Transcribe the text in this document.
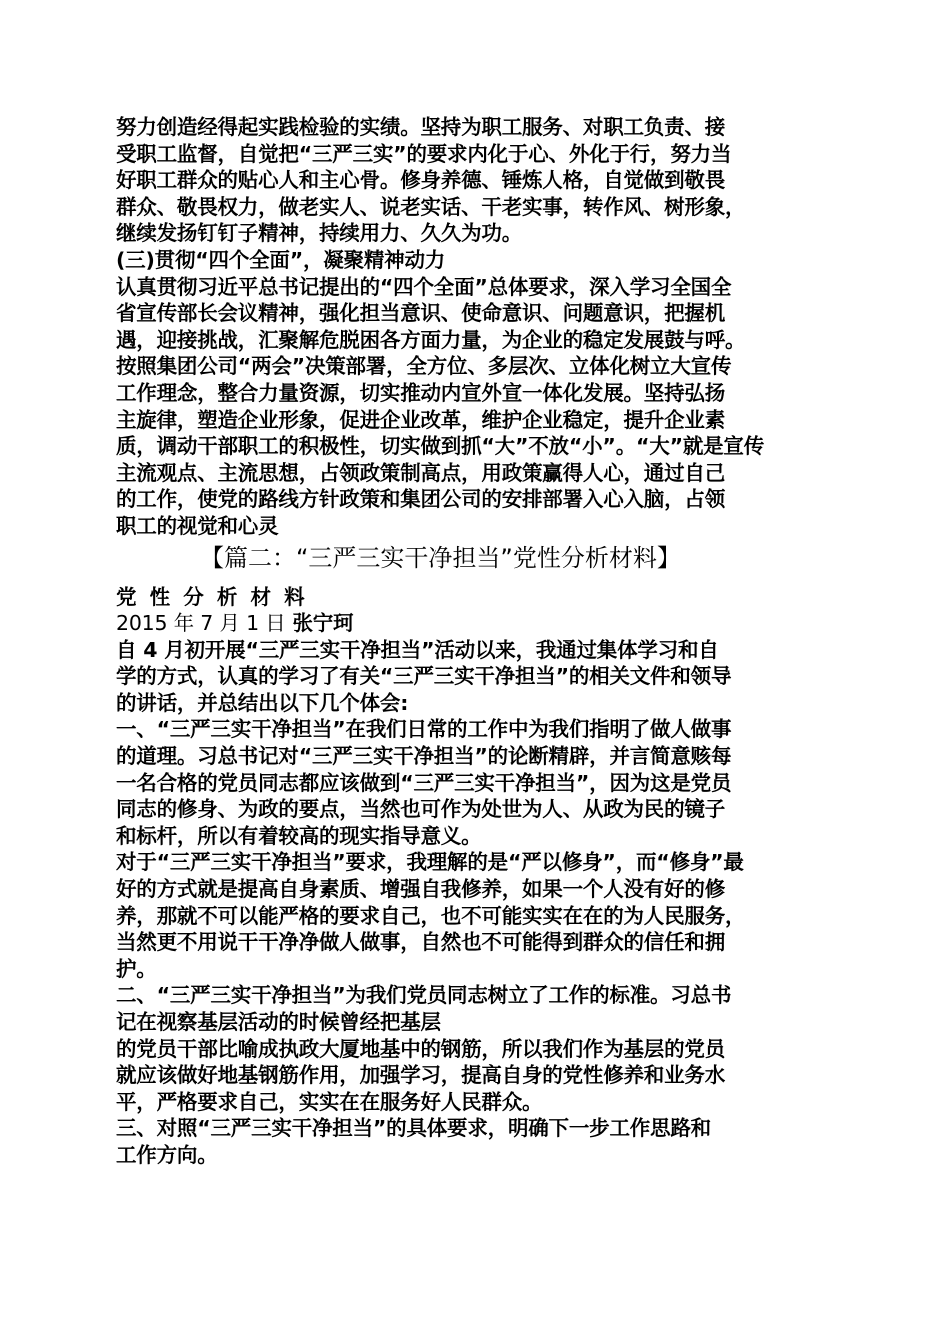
努力创造经得起实践检验的实绩。坚持为职工服务、对职工负责、接
受职工监督，自觉把“三严三实”的要求内化于心、外化于行，努力当
好职工群众的贴心人和主心骨。修身养德、锤炼人格，自觉做到敬畏
群众、敬畏权力，做老实人、说老实话、干老实事，转作风、树形象，
继续发扬钉钉子精神，持续用力、久久为功。
(三)贯彻“四个全面”，凝聚精神动力
认真贯彻习近平总书记提出的“四个全面”总体要求，深入学习全国全
省宣传部长会议精神，强化担当意识、使命意识、问题意识，把握机
遇，迎接挑战，汇聚解危脱困各方面力量，为企业的稳定发展鼓与呼。
按照集团公司“两会”决策部署，全方位、多层次、立体化树立大宣传
工作理念，整合力量资源，切实推动内宣外宣一体化发展。坚持弘扬
主旋律，塑造企业形象，促进企业改革，维护企业稳定，提升企业素
质，调动干部职工的积极性，切实做到抓“大”不放“小”。“大”就是宣传
主流观点、主流思想，占领政策制高点，用政策赢得人心，通过自己
的工作，使党的路线方针政策和集团公司的安排部署入心入脑，占领
职工的视觉和心灵
【篇二：“三严三实干净担当”党性分析材料】
党 性 分 析 材 料
2015 年 7 月 1 日 张宁珂
自 4 月初开展“三严三实干净担当”活动以来，我通过集体学习和自
学的方式，认真的学习了有关“三严三实干净担当”的相关文件和领导
的讲话，并总结出以下几个体会:
一、“三严三实干净担当”在我们日常的工作中为我们指明了做人做事
的道理。习总书记对“三严三实干净担当”的论断精辟，并言简意赅每
一名合格的党员同志都应该做到“三严三实干净担当”，因为这是党员
同志的修身、为政的要点，当然也可作为处世为人、从政为民的镜子
和标杆，所以有着较高的现实指导意义。
对于“三严三实干净担当”要求，我理解的是“严以修身”，而“修身”最
好的方式就是提高自身素质、增强自我修养，如果一个人没有好的修
养，那就不可以能严格的要求自己，也不可能实实在在的为人民服务，
当然更不用说干干净净做人做事，自然也不可能得到群众的信任和拥
护。
二、“三严三实干净担当”为我们党员同志树立了工作的标准。习总书
记在视察基层活动的时候曾经把基层
的党员干部比喻成执政大厦地基中的钢筋，所以我们作为基层的党员
就应该做好地基钢筋作用，加强学习，提高自身的党性修养和业务水
平，严格要求自己，实实在在服务好人民群众。
三、对照“三严三实干净担当”的具体要求，明确下一步工作思路和
工作方向。
